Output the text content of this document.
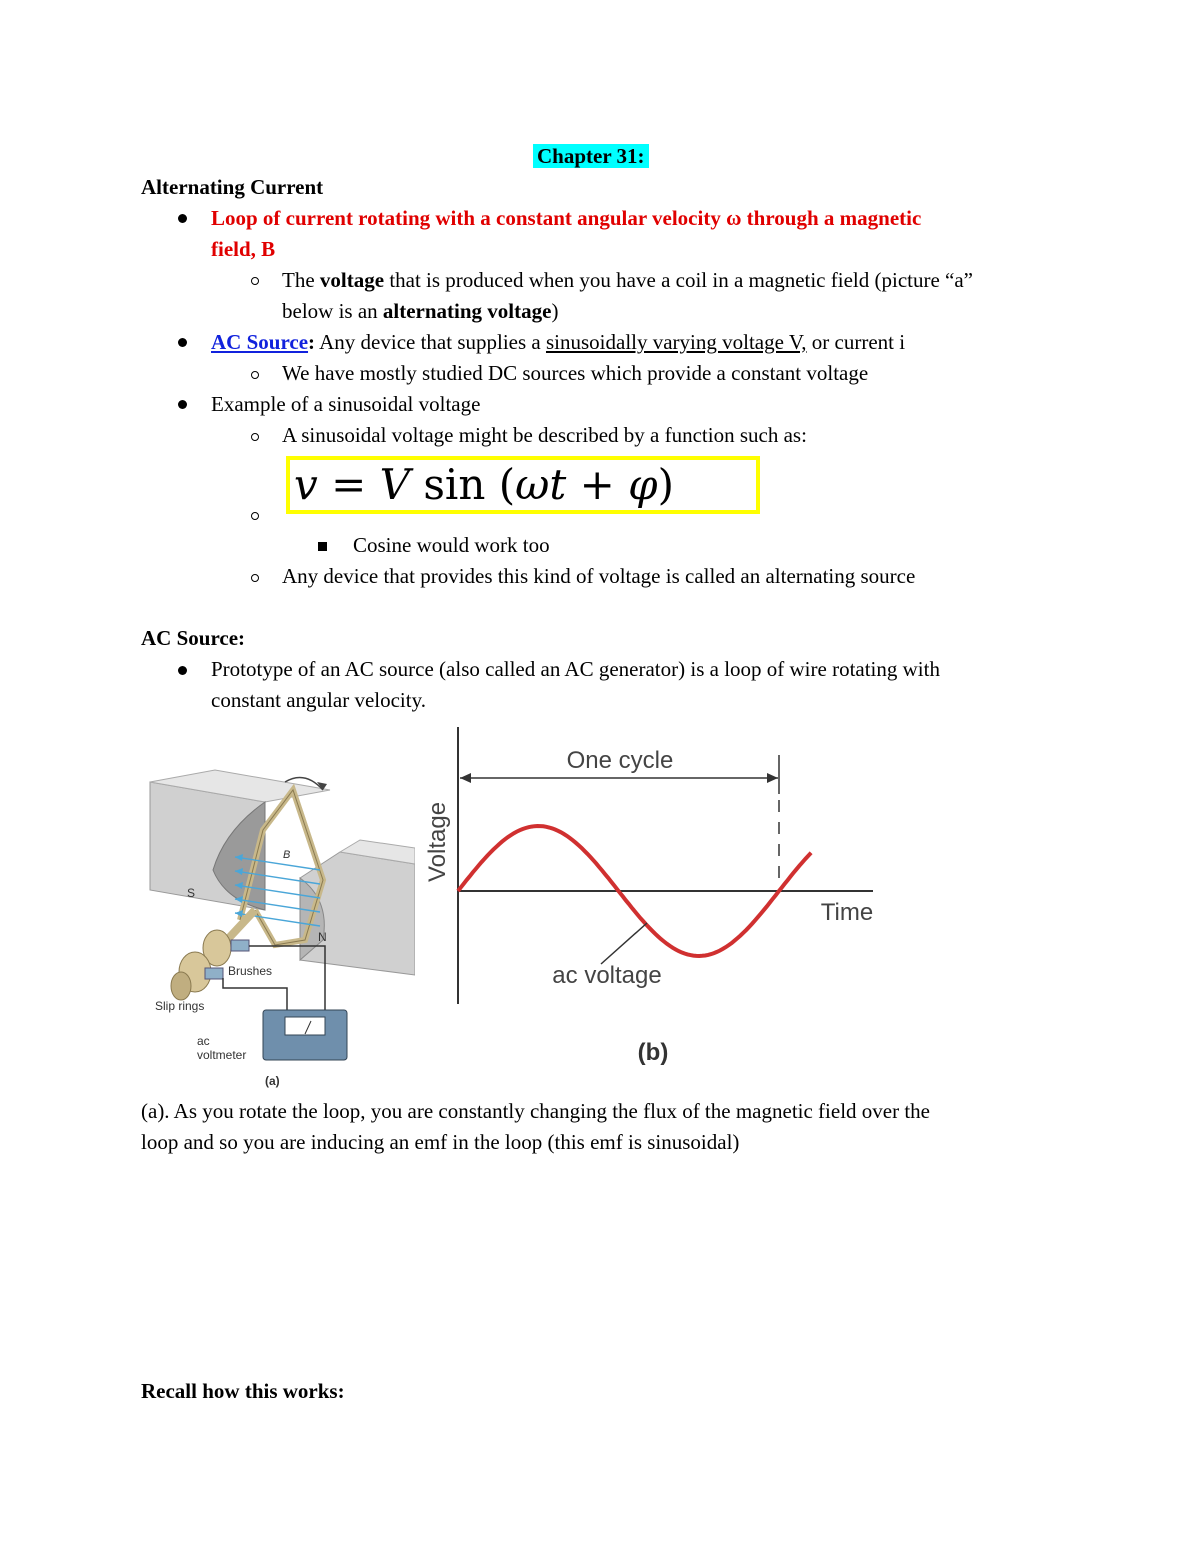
Chapter 31:
Alternating Current
Loop of current rotating with a constant angular velocity ω through a magnetic
field, B
The voltage that is produced when you have a coil in a magnetic field (picture “a”
below is an alternating voltage)
AC Source: Any device that supplies a sinusoidally varying voltage V, or current i
We have mostly studied DC sources which provide a constant voltage
Example of a sinusoidal voltage
A sinusoidal voltage might be described by a function such as:
v = V sin (ωt + φ)
Cosine would work too
Any device that provides this kind of voltage is called an alternating source
AC Source:
Prototype of an AC source (also called an AC generator) is a loop of wire rotating with
constant angular velocity.
S
N
B
Brushes
Slip rings
ac
voltmeter
(a)
Voltage
Time
One cycle
ac voltage
(b)
(a). As you rotate the loop, you are constantly changing the flux of the magnetic field over the
loop and so you are inducing an emf in the loop (this emf is sinusoidal)
Recall how this works:
